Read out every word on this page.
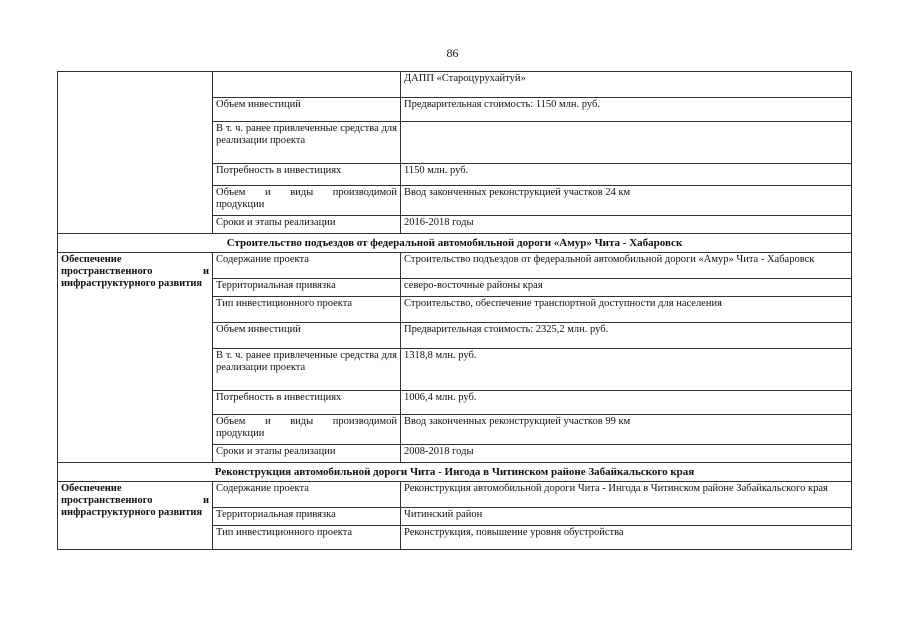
86
		ДАПП «Староцурухайтуй»
	Объем инвестиций	Предварительная стоимость: 1150 млн. руб.
	В т. ч. ранее привлеченные средства для реализации проекта	
	Потребность в инвестициях	1150 млн. руб.
	Объем и виды производимой продукции	Ввод законченных реконструкцией участков 24 км
	Сроки и этапы реализации	2016-2018 годы
Строительство подъездов от федеральной автомобильной дороги «Амур» Чита - Хабаровск		
Обеспечение пространственного и инфраструктурного развития	Содержание проекта	Строительство подъездов от федеральной автомобильной дороги «Амур» Чита - Хабаровск
	Территориальная привязка	северо-восточные районы края
	Тип инвестиционного проекта	Строительство, обеспечение транспортной доступности для населения
	Объем инвестиций	Предварительная стоимость: 2325,2 млн. руб.
	В т. ч. ранее привлеченные средства для реализации проекта	1318,8 млн. руб.
	Потребность в инвестициях	1006,4 млн. руб.
	Объем и виды производимой продукции	Ввод законченных реконструкцией участков 99 км
	Сроки и этапы реализации	2008-2018 годы
Реконструкция автомобильной дороги Чита - Ингода в Читинском районе Забайкальского края		
Обеспечение пространственного и инфраструктурного развития	Содержание проекта	Реконструкция автомобильной дороги Чита - Ингода в Читинском районе Забайкальского края
	Территориальная привязка	Читинский район
	Тип инвестиционного проекта	Реконструкция, повышение уровня обустройства
